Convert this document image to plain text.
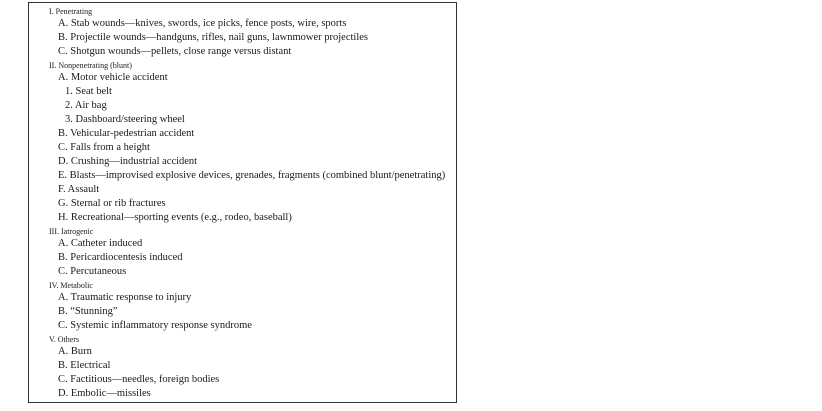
I. Penetrating
A. Stab wounds—knives, swords, ice picks, fence posts, wire, sports
B. Projectile wounds—handguns, rifles, nail guns, lawnmower projectiles
C. Shotgun wounds—pellets, close range versus distant
II. Nonpenetrating (blunt)
A. Motor vehicle accident
1. Seat belt
2. Air bag
3. Dashboard/steering wheel
B. Vehicular-pedestrian accident
C. Falls from a height
D. Crushing—industrial accident
E. Blasts—improvised explosive devices, grenades, fragments (combined blunt/penetrating)
F. Assault
G. Sternal or rib fractures
H. Recreational—sporting events (e.g., rodeo, baseball)
III. Iatrogenic
A. Catheter induced
B. Pericardiocentesis induced
C. Percutaneous
IV. Metabolic
A. Traumatic response to injury
B. “Stunning”
C. Systemic inflammatory response syndrome
V. Others
A. Burn
B. Electrical
C. Factitious—needles, foreign bodies
D. Embolic—missiles
